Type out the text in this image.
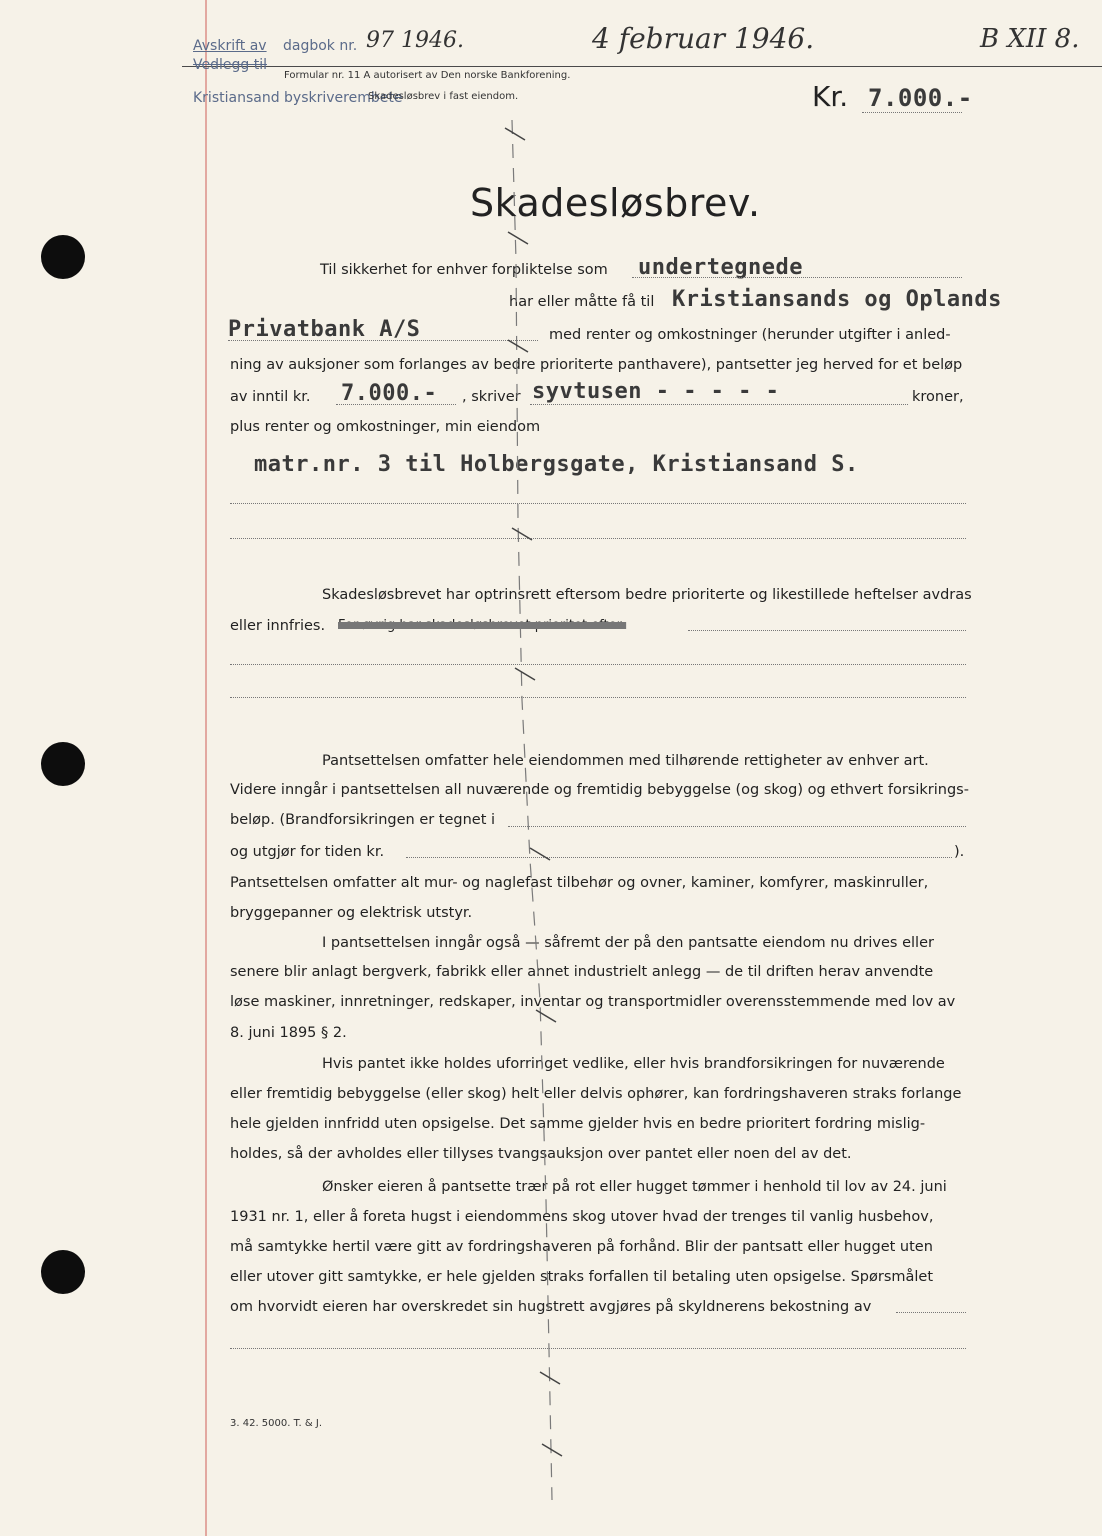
Avskrift av
Vedlegg til
Kristiansand byskriverembete
dagbok nr. 97 1946.
Formular nr. 11 A autorisert av Den norske Bankforening.
Skadesløsbrev i fast eiendom.
4 februar 1946.	B XII 8.
Kr. 7.000.-
Skadesløsbrev.
Til sikkerhet for enhver forpliktelse som undertegnede
har eller måtte få til Kristiansands og Oplands
Privatbank A/S	med renter og omkostninger (herunder utgifter i anled-
ning av auksjoner som forlanges av bedre prioriterte panthavere), pantsetter jeg herved for et beløp
av inntil kr. 7.000.- , skriver syvtusen - - - - -	kroner,
plus renter og omkostninger, min eiendom
matr.nr. 3 til Holbergsgate, Kristiansand S.
Skadesløsbrevet har optrinsrett eftersom bedre prioriterte og likestillede heftelser avdras
eller innfries. For øvrig har skadesløsbrevet prioritet efter:
Pantsettelsen omfatter hele eiendommen med tilhørende rettigheter av enhver art.
Videre inngår i pantsettelsen all nuværende og fremtidig bebyggelse (og skog) og ethvert forsikrings-
beløp. (Brandforsikringen er tegnet i
og utgjør for tiden kr.	).
Pantsettelsen omfatter alt mur- og naglefast tilbehør og ovner, kaminer, komfyrer, maskinruller,
bryggepanner og elektrisk utstyr.
I pantsettelsen inngår også — såfremt der på den pantsatte eiendom nu drives eller
senere blir anlagt bergverk, fabrikk eller annet industrielt anlegg — de til driften herav anvendte
løse maskiner, innretninger, redskaper, inventar og transportmidler overensstemmende med lov av
8. juni 1895 § 2.
Hvis pantet ikke holdes uforringet vedlike, eller hvis brandforsikringen for nuværende
eller fremtidig bebyggelse (eller skog) helt eller delvis ophører, kan fordringshaveren straks forlange
hele gjelden innfridd uten opsigelse. Det samme gjelder hvis en bedre prioritert fordring mislig-
holdes, så der avholdes eller tillyses tvangsauksjon over pantet eller noen del av det.
Ønsker eieren å pantsette trær på rot eller hugget tømmer i henhold til lov av 24. juni
1931 nr. 1, eller å foreta hugst i eiendommens skog utover hvad der trenges til vanlig husbehov,
må samtykke hertil være gitt av fordringshaveren på forhånd. Blir der pantsatt eller hugget uten
eller utover gitt samtykke, er hele gjelden straks forfallen til betaling uten opsigelse. Spørsmålet
om hvorvidt eieren har overskredet sin hugstrett avgjøres på skyldnerens bekostning av
3. 42. 5000. T. & J.
